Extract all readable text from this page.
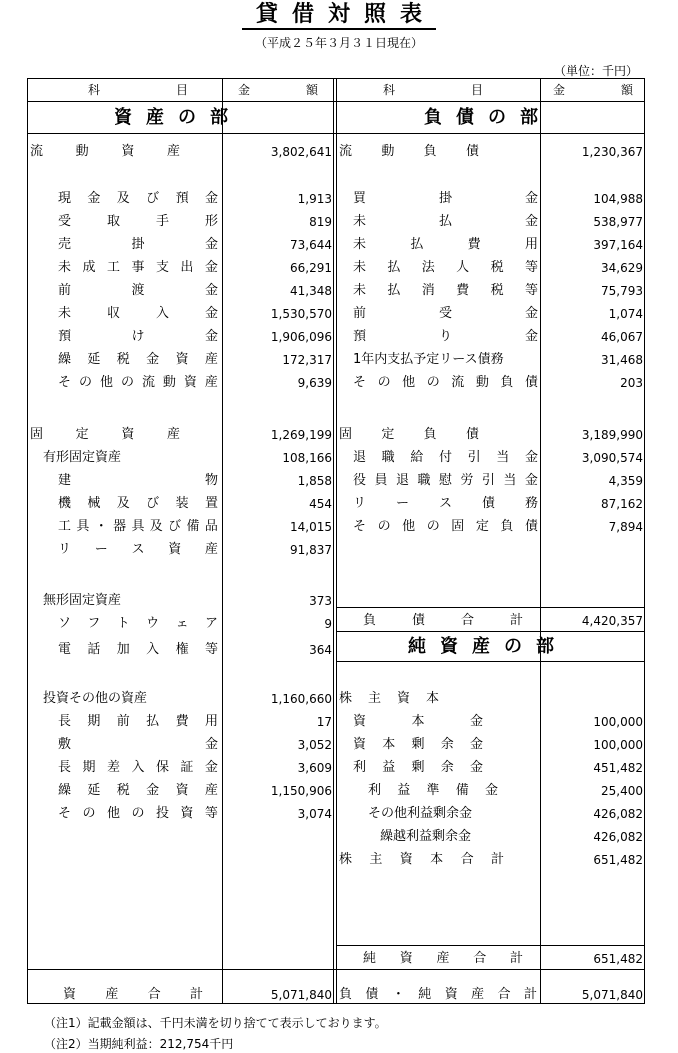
貸借対照表
（平成２５年３月３１日現在）
（単位：千円）
科	目	金	額	科	目	金	額
資産の部	負債の部
純資産の部
流	動	資	産	3,802,641
現 金 及 び 預 金	1,913
受	取	手	形	819
売	掛	金	73,644
未 成 工 事 支 出 金	66,291
前	渡	金	41,348
未	収	入	金	1,530,570
預	け	金	1,906,096
繰 延 税 金 資 産	172,317
そ の 他 の 流 動 資 産	9,639
固	定	資	産	1,269,199
有形固定資産	108,166
建	物	1,858
機 械 及 び 装 置	454
工 具 ・ 器 具 及 び 備 品	14,015
リ ー ス 資 産	91,837
無形固定資産	373
ソ フ ト ウ ェ ア	9
電 話 加 入 権 等	364
投資その他の資産	1,160,660
長 期 前 払 費 用	17
敷	金	3,052
長 期 差 入 保 証 金	3,609
繰 延 税 金 資 産	1,150,906
そ の 他 の 投 資 等	3,074
流 動 負 債	1,230,367
買	掛	金	104,988
未	払	金	538,977
未	払	費	用	397,164
未 払 法 人 税 等	34,629
未 払 消 費 税 等	75,793
前	受	金	1,074
預	り	金	46,067
1年内支払予定リース債務	31,468
そ の 他 の 流 動 負 債	203
固 定 負 債	3,189,990
退 職 給 付 引 当 金	3,090,574
役 員 退 職 慰 労 引 当 金	4,359
リ ー ス 債 務	87,162
そ の 他 の 固 定 負 債	7,894
負	債	合	計	4,420,357
株 主 資 本
資	本	金	100,000
資 本 剰 余 金	100,000
利 益 剰 余 金	451,482
利 益 準 備 金	25,400
その他利益剰余金	426,082
繰越利益剰余金	426,082
株 主 資 本 合 計	651,482
純 資 産 合 計	651,482
資 産 合 計	5,071,840 負 債 ・ 純 資 産 合 計	5,071,840
（注1）記載金額は、千円未満を切り捨てて表示しております。
（注2）当期純利益：212,754千円
